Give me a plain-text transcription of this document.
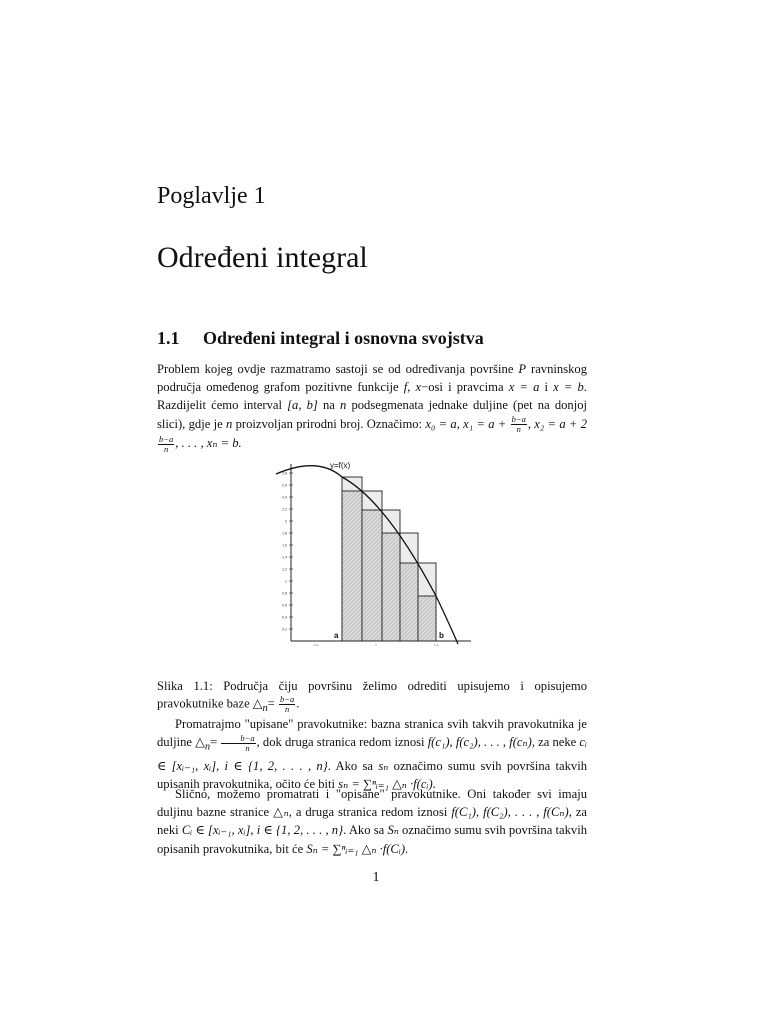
Poglavlje 1
Određeni integral
1.1 Određeni integral i osnovna svojstva
Problem kojeg ovdje razmatramo sastoji se od određivanja površine P ravninskog područja omeđenog grafom pozitivne funkcije f, x−osi i pravcima x = a i x = b. Razdijelit ćemo interval [a, b] na n podsegmenata jednake duljine (pet na donjoj slici), gdje je n proizvoljan prirodni broj. Označimo: x₀ = a, $x_1 = a + \frac{b-a}{n}$ , x₂ = a + 2
$\frac{b-a}{n}$ , . . . , xₙ = b.
2.8
2.6
2.4
2.2
2
1.8
1.6
1.4
1.2
1
0.8
0.6
0.4
0.2
0.5	1	1.5
y=f(x)
a	b
Slika 1.1: Područja čiju površinu želimo odrediti upisujemo i opisujemo pravokutnike baze $\triangle_n= \frac{b-a}{n}$ .
Promatrajmo "upisane" pravokutnike: bazna stranica svih takvih pravokutnika je duljine $\triangle_n= \frac{b-a}{n}$ , dok druga stranica redom iznosi f(c₁), f(c₂), . . . , f(cₙ), za neke cᵢ ∈ [xᵢ₋₁, xᵢ], i ∈ {1, 2, . . . , n}. Ako sa sₙ označimo sumu svih površina takvih upisanih pravokutnika, očito će biti sₙ = ∑ⁿᵢ₌₁ △ₙ ·f(cᵢ).
Slično, možemo promatrati i "opisane" pravokutnike. Oni također svi imaju duljinu bazne stranice △ₙ, a druga stranica redom iznosi f(C₁), f(C₂), . . . , f(Cₙ), za neki Cᵢ ∈ [xᵢ₋₁, xᵢ], i ∈ {1, 2, . . . , n}. Ako sa Sₙ označimo sumu svih površina takvih opisanih pravokutnika, bit će Sₙ = ∑ⁿᵢ₌₁ △ₙ ·f(Cᵢ).
1
